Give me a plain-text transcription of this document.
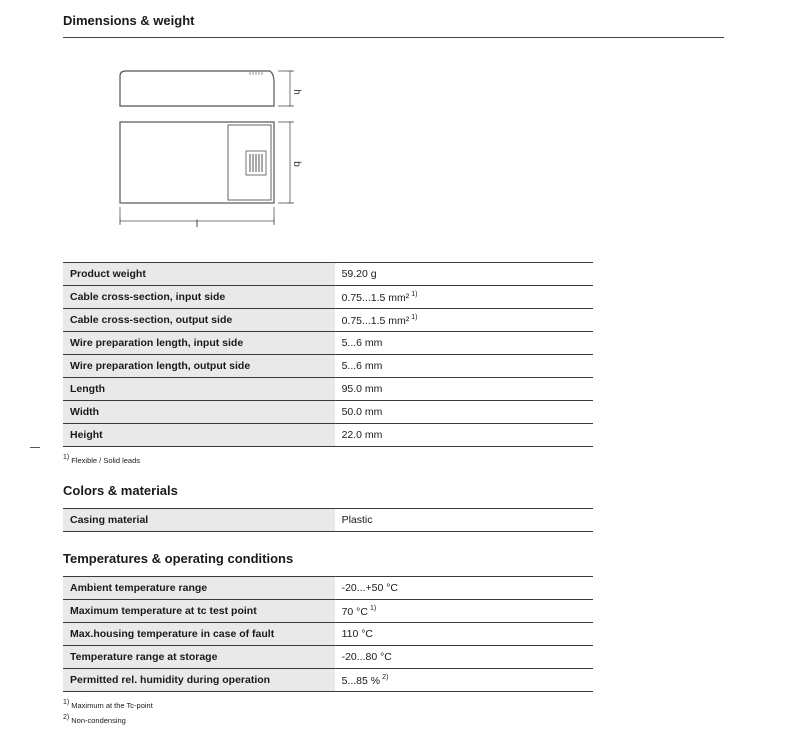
Dimensions & weight
h
b
l
Product weight	59.20 g
Cable cross-section, input side	0.75...1.5 mm² $^{1)}$
Cable cross-section, output side	0.75...1.5 mm² $^{1)}$
Wire preparation length, input side	5...6 mm
Wire preparation length, output side	5...6 mm
Length	95.0 mm
Width	50.0 mm
Height	22.0 mm
$^{1)}$ Flexible / Solid leads
Colors & materials
Casing material	Plastic
Temperatures & operating conditions
Ambient temperature range	-20...+50 °C
Maximum temperature at tc test point	70 °C $^{1)}$
Max.housing temperature in case of fault	110 °C
Temperature range at storage	-20...80 °C
Permitted rel. humidity during operation	5...85 % $^{2)}$
$^{1)}$ Maximum at the Tc-point
$^{2)}$ Non-condensing
